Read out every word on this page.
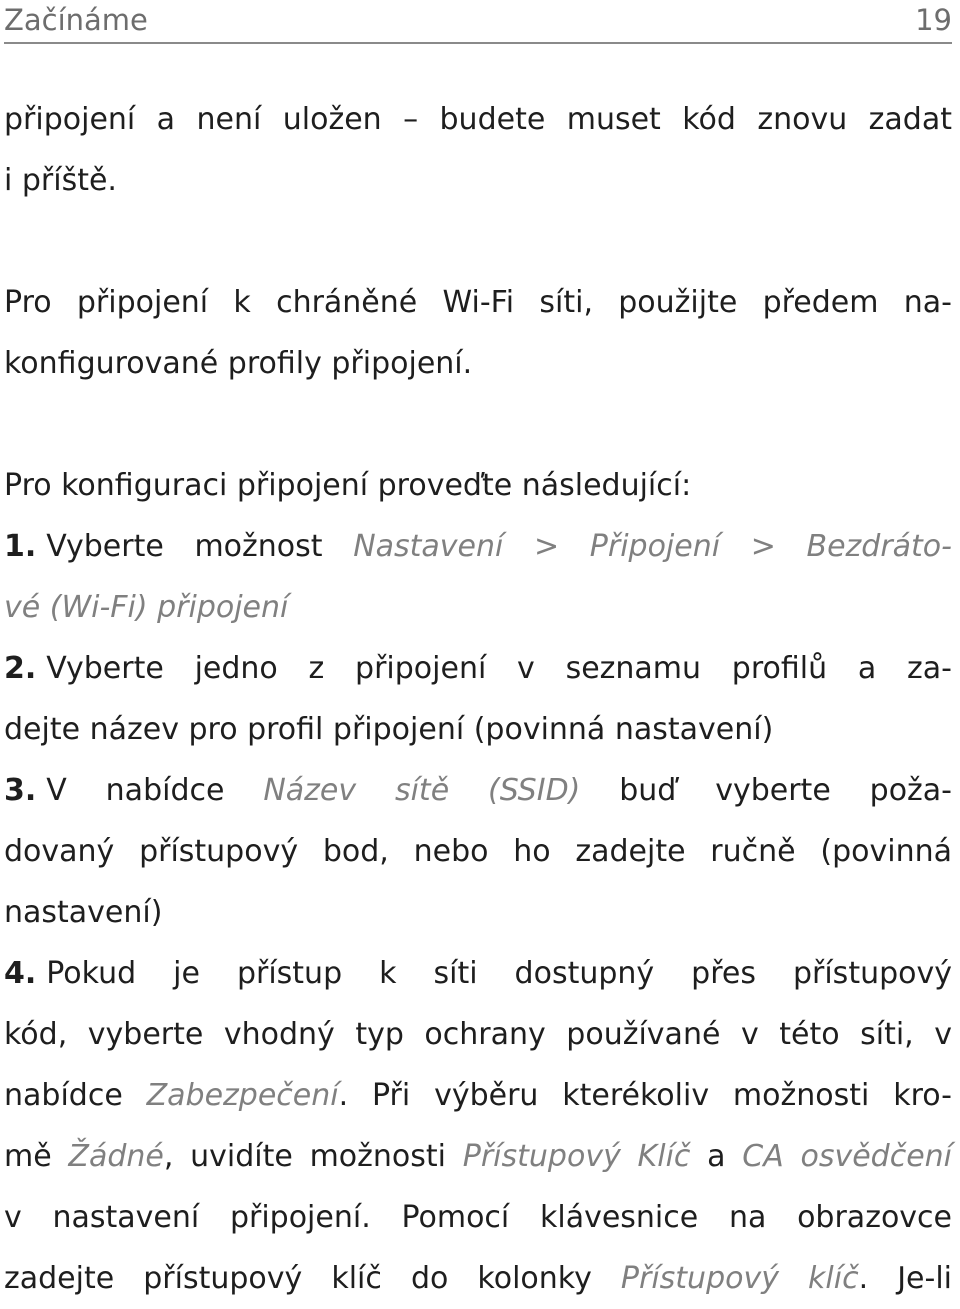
Začínáme	19
připojení a není uložen – budete muset kód znovu zadat
i příště.
Pro připojení k chráněné Wi-Fi síti, použijte předem na-
konfigurované profily připojení.
Pro konfiguraci připojení proveďte následující:
1. Vyberte možnost Nastavení > Připojení > Bezdráto-
vé (Wi-Fi) připojení
2. Vyberte jedno z připojení v seznamu profilů a za-
dejte název pro profil připojení (povinná nastavení)
3. V nabídce Název sítě (SSID) buď vyberte poža-
dovaný přístupový bod, nebo ho zadejte ručně (povinná
nastavení)
4. Pokud je přístup k síti dostupný přes přístupový
kód, vyberte vhodný typ ochrany používané v této síti, v
nabídce Zabezpečení. Při výběru kterékoliv možnosti kro-
mě Žádné, uvidíte možnosti Přístupový Klíč a CA osvědčení
v nastavení připojení. Pomocí klávesnice na obrazovce
zadejte přístupový klíč do kolonky Přístupový klíč. Je-li
